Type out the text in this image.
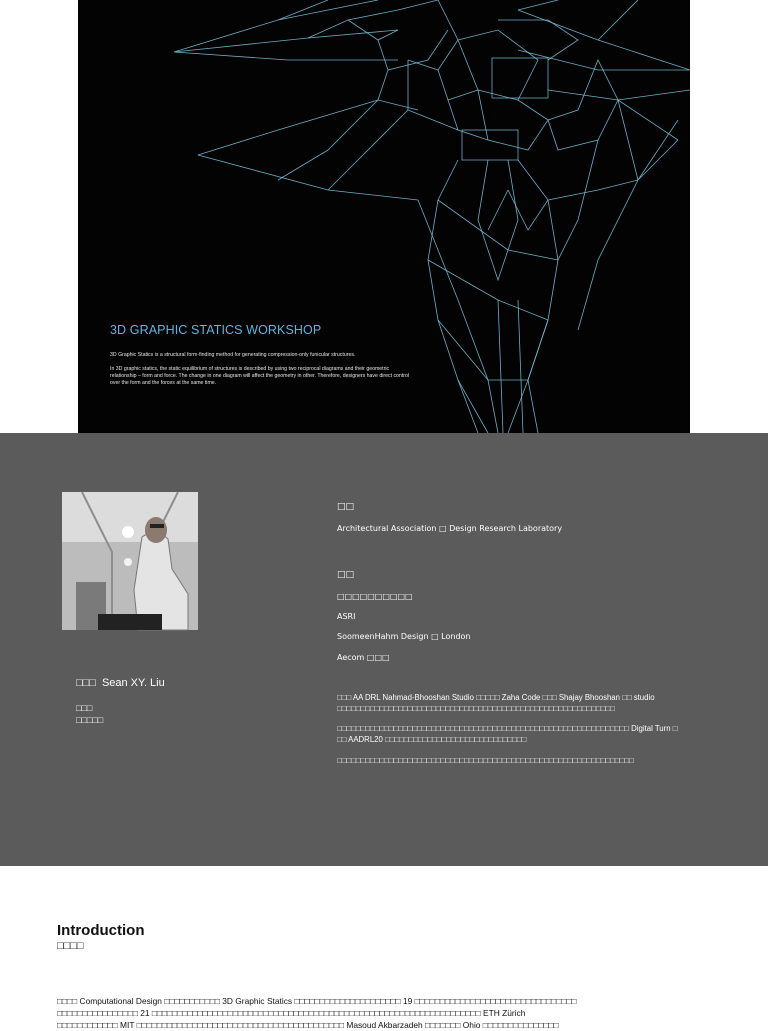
3D GRAPHIC STATICS WORKSHOP
3D Graphic Statics is a structural form-finding method for generating compression-only funicular structures.
In 3D graphic statics, the static equilibrium of structures is described by using two reciprocal diagrams and their geometric relationship – form and force. The change in one diagram will affect the geometry in other. Therefore, designers have direct control over the form and the forces at the same time.
□□□ Sean XY. Liu
□□□
□□□□□
□□
Architectural Association □ Design Research Laboratory
□□
□□□□□□□□□□
ASRI
SoomeenHahm Design □ London
Aecom □□□
□□□ AA DRL Nahmad-Bhooshan Studio □□□□□ Zaha Code □□□ Shajay Bhooshan □□ studio □□□□□□□□□□□□□□□□□□□□□□□□□□□□□□□□□□□□□□□□□□□□□□□□□□□□□□□□□□□
□□□□□□□□□□□□□□□□□□□□□□□□□□□□□□□□□□□□□□□□□□□□□□□□□□□□□□□□□□□□□□ Digital Turn □ □□ AADRL20 □□□□□□□□□□□□□□□□□□□□□□□□□□□□□□
□□□□□□□□□□□□□□□□□□□□□□□□□□□□□□□□□□□□□□□□□□□□□□□□□□□□□□□□□□□□□□□
Introduction
□□□□
□□□□ Computational Design □□□□□□□□□□□ 3D Graphic Statics □□□□□□□□□□□□□□□□□□□□□ 19 □□□□□□□□□□□□□□□□□□□□□□□□□□□□□□□□
□□□□□□□□□□□□□□□□ 21 □□□□□□□□□□□□□□□□□□□□□□□□□□□□□□□□□□□□□□□□□□□□□□□□□□□□□□□□□□□□□□□□□ ETH Zürich
□□□□□□□□□□□□ MIT □□□□□□□□□□□□□□□□□□□□□□□□□□□□□□□□□□□□□□□□□ Masoud Akbarzadeh □□□□□□□ Ohio □□□□□□□□□□□□□□□
